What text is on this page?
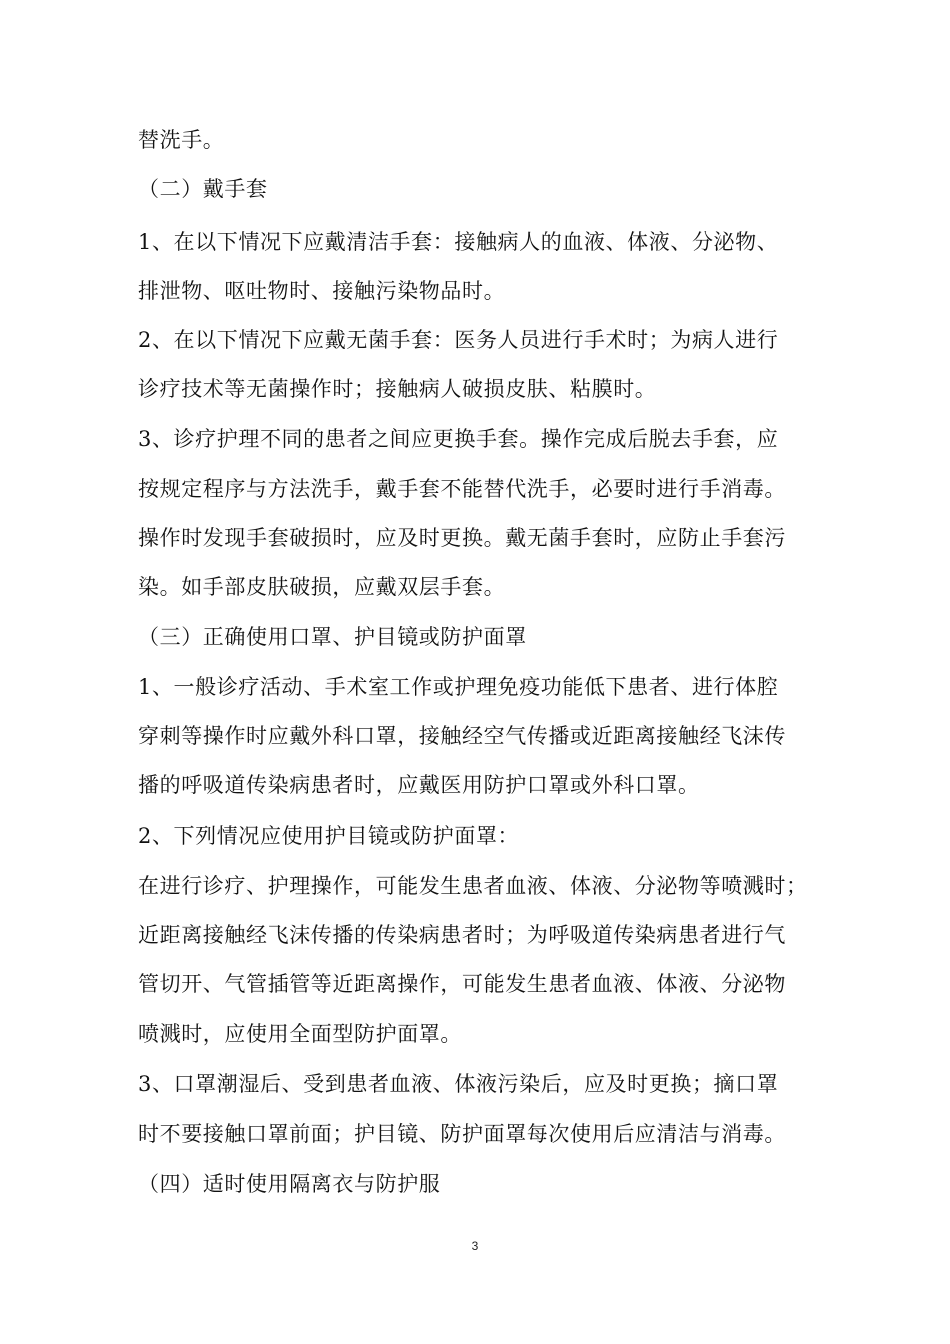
替洗手。
（二）戴手套
1、在以下情况下应戴清洁手套：接触病人的血液、体液、分泌物、
排泄物、呕吐物时、接触污染物品时。
2、在以下情况下应戴无菌手套：医务人员进行手术时；为病人进行
诊疗技术等无菌操作时；接触病人破损皮肤、粘膜时。
3、诊疗护理不同的患者之间应更换手套。操作完成后脱去手套，应
按规定程序与方法洗手，戴手套不能替代洗手，必要时进行手消毒。
操作时发现手套破损时，应及时更换。戴无菌手套时，应防止手套污
染。如手部皮肤破损，应戴双层手套。
（三）正确使用口罩、护目镜或防护面罩
1、一般诊疗活动、手术室工作或护理免疫功能低下患者、进行体腔
穿刺等操作时应戴外科口罩，接触经空气传播或近距离接触经飞沫传
播的呼吸道传染病患者时，应戴医用防护口罩或外科口罩。
2、下列情况应使用护目镜或防护面罩：
在进行诊疗、护理操作，可能发生患者血液、体液、分泌物等喷溅时；
近距离接触经飞沫传播的传染病患者时；为呼吸道传染病患者进行气
管切开、气管插管等近距离操作，可能发生患者血液、体液、分泌物
喷溅时，应使用全面型防护面罩。
3、口罩潮湿后、受到患者血液、体液污染后，应及时更换；摘口罩
时不要接触口罩前面；护目镜、防护面罩每次使用后应清洁与消毒。
（四）适时使用隔离衣与防护服
3
